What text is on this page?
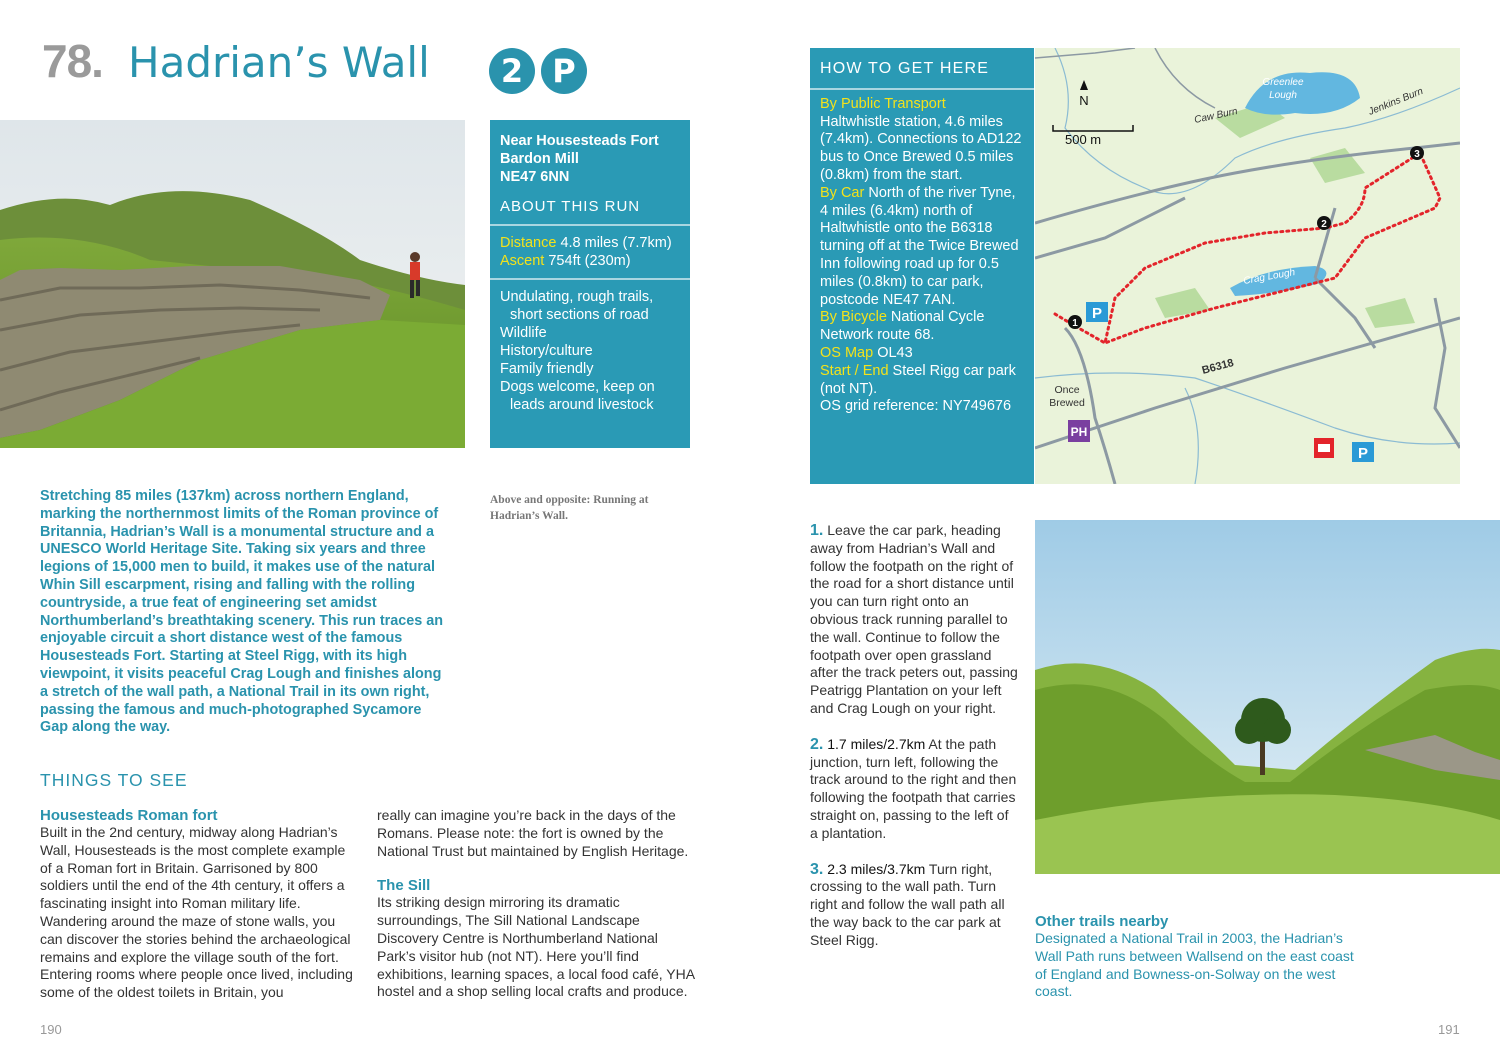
78. Hadrian’s Wall	2 P
Near Housesteads Fort
Bardon Mill
NE47 6NN
ABOUT THIS RUN
Distance 4.8 miles (7.7km)
Ascent 754ft (230m)
Undulating, rough trails, short sections of road
Wildlife
History/culture
Family friendly
Dogs welcome, keep on leads around livestock
Stretching 85 miles (137km) across northern England, marking the northernmost limits of the Roman province of Britannia, Hadrian’s Wall is a monumental structure and a UNESCO World Heritage Site. Taking six years and three legions of 15,000 men to build, it makes use of the natural Whin Sill escarpment, rising and falling with the rolling countryside, a true feat of engineering set amidst Northumberland’s breathtaking scenery. This run traces an enjoyable circuit a short distance west of the famous Housesteads Fort. Starting at Steel Rigg, with its high viewpoint, it visits peaceful Crag Lough and finishes along a stretch of the wall path, a National Trail in its own right, passing the famous and much-photographed Sycamore Gap along the way.
Above and opposite: Running at Hadrian’s Wall.
THINGS TO SEE
Housesteads Roman fort
Built in the 2nd century, midway along Hadrian’s Wall, Housesteads is the most complete example of a Roman fort in Britain. Garrisoned by 800 soldiers until the end of the 4th century, it offers a fascinating insight into Roman military life. Wandering around the maze of stone walls, you can discover the stories behind the archaeological remains and explore the village south of the fort. Entering rooms where people once lived, including some of the oldest toilets in Britain, you
really can imagine you’re back in the days of the Romans. Please note: the fort is owned by the National Trust but maintained by English Heritage.
The Sill
Its striking design mirroring its dramatic surroundings, The Sill National Landscape Discovery Centre is Northumberland National Park’s visitor hub (not NT). Here you’ll find exhibitions, learning spaces, a local food café, YHA hostel and a shop selling local crafts and produce.
190	191
HOW TO GET HERE
By Public Transport
Haltwhistle station, 4.6 miles (7.4km). Connections to AD122 bus to Once Brewed 0.5 miles (0.8km) from the start.
By Car North of the river Tyne, 4 miles (6.4km) north of Haltwhistle onto the B6318 turning off at the Twice Brewed Inn following road up for 0.5 miles (0.8km) to car park, postcode NE47 7AN.
By Bicycle National Cycle Network route 68.
OS Map OL43
Start / End Steel Rigg car park (not NT).
OS grid reference: NY749676
1
2
3
P
P
PH
N
500 m
Greenlee Lough
Caw Burn	Jenkins Burn
Crag Lough
B6318
Once Brewed

1. Leave the car park, heading away from Hadrian’s Wall and follow the footpath on the right of the road for a short distance until you can turn right onto an obvious track running parallel to the wall. Continue to follow the footpath over open grassland after the track peters out, passing Peatrigg Plantation on your left and Crag Lough on your right.

2. 1.7 miles/2.7km At the path junction, turn left, following the track around to the right and then following the footpath that carries straight on, passing to the left of a plantation.

3. 2.3 miles/3.7km Turn right, crossing to the wall path. Turn right and follow the wall path all the way back to the car park at Steel Rigg.

Other trails nearby
Designated a National Trail in 2003, the Hadrian’s Wall Path runs between Wallsend on the east coast of England and Bowness-on-Solway on the west coast.
